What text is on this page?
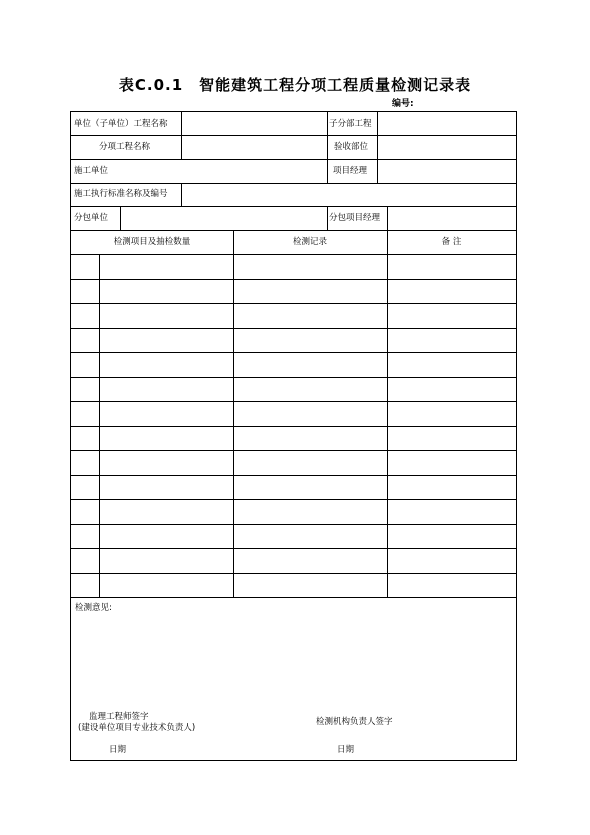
表C.0.1　智能建筑工程分项工程质量检测记录表
编号:
单位（子单位）工程名称	子分部工程
分项工程名称	验收部位
施工单位	项目经理
施工执行标准名称及编号
分包单位	分包项目经理
检测项目及抽检数量	检测记录	备 注
检测意见:
监理工程师签字
(建设单位项目专业技术负责人)
检测机构负责人签字
日期	日期
